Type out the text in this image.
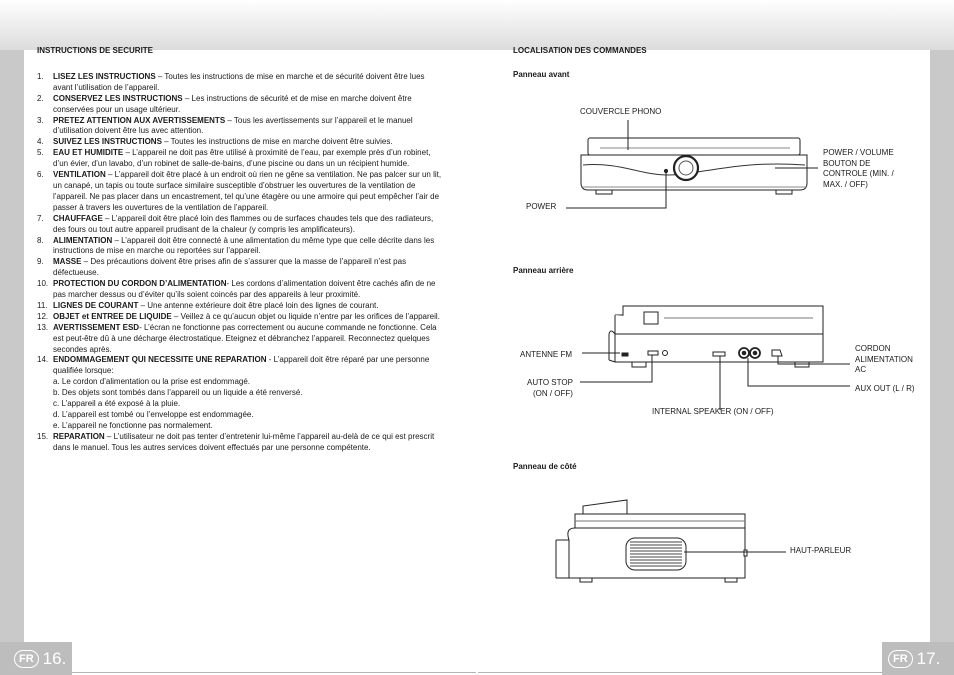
FR 16.	FR 17.
INSTRUCTIONS DE SECURITE
1. LISEZ LES INSTRUCTIONS – Toutes les instructions de mise en marche et de sécurité doivent être lues avant l’utilisation de l’appareil.
2. CONSERVEZ LES INSTRUCTIONS – Les instructions de sécurité et de mise en marche doivent être conservées pour un usage ultérieur.
3. PRETEZ ATTENTION AUX AVERTISSEMENTS – Tous les avertissements sur l’appareil et le manuel d’utilisation doivent être lus avec attention.
4. SUIVEZ LES INSTRUCTIONS – Toutes les instructions de mise en marche doivent être suivies.
5. EAU ET HUMIDITE – L’appareil ne doit pas être utilisé à proximité de l’eau, par exemple près d’un robinet, d’un évier, d’un lavabo, d’un robinet de salle-de-bains, d’une piscine ou dans un un récipient humide.
6. VENTILATION – L’appareil doit être placé à un endroit où rien ne gêne sa ventilation. Ne pas palcer sur un lit, un canapé, un tapis ou toute surface similaire susceptible d’obstruer les ouvertures de la ventilation de l’appareil. Ne pas placer dans un encastrement, tel qu’une étagère ou une armoire qui peut empêcher l’air de passer à travers les ouvertures de la ventilation de l’appareil.
7. CHAUFFAGE – L’appareil doit être placé loin des flammes ou de surfaces chaudes tels que des radiateurs, des fours ou tout autre appareil prudisant de la chaleur (y compris les amplificateurs).
8. ALIMENTATION – L’appareil doit être connecté à une alimentation du même type que celle décrite dans les instructions de mise en marche ou reportées sur l’appareil.
9. MASSE – Des précautions doivent être prises afin de s’assurer que la masse de l’appareil n’est pas défectueuse.
10. PROTECTION DU CORDON D’ALIMENTATION- Les cordons d’alimentation doivent être cachés afin de ne pas marcher dessus ou d’éviter qu’ils soient coincés par des appareils à leur proximité.
11. LIGNES DE COURANT – Une antenne extérieure doit être placé loin des lignes de courant.
12. OBJET et ENTREE DE LIQUIDE – Veillez à ce qu’aucun objet ou liquide n’entre par les orifices de l’appareil.
13. AVERTISSEMENT ESD- L’écran ne fonctionne pas correctement ou aucune commande ne fonctionne. Cela est peut-être dû à une décharge électrostatique. Eteignez et débranchez l’appareil. Reconnectez quelques secondes après.
14. ENDOMMAGEMENT QUI NECESSITE UNE REPARATION - L’appareil doit être réparé par une personne qualifiée lorsque:
a. Le cordon d’alimentation ou la prise est endommagé.
b. Des objets sont tombés dans l’appareil ou un liquide a été renversé.
c. L’appareil a été exposé à la pluie.
d. L’appareil est tombé ou l’enveloppe est endommagée.
e. L’appareil ne fonctionne pas normalement.
15. REPARATION – L’utilisateur ne doit pas tenter d’entretenir lui-même l’appareil au-delà de ce qui est prescrit dans le manuel. Tous les autres services doivent effectués par une personne compétente.
LOCALISATION DES COMMANDES
Panneau avant
COUVERCLE PHONO
POWER / VOLUME
BOUTON DE
CONTROLE (MIN. /
MAX. / OFF)
POWER
Panneau arrière
ANTENNE FM
AUTO STOP
(ON / OFF)
INTERNAL SPEAKER (ON / OFF)
CORDON
ALIMENTATION
AC
AUX OUT (L / R)
Panneau de côté
HAUT-PARLEUR
